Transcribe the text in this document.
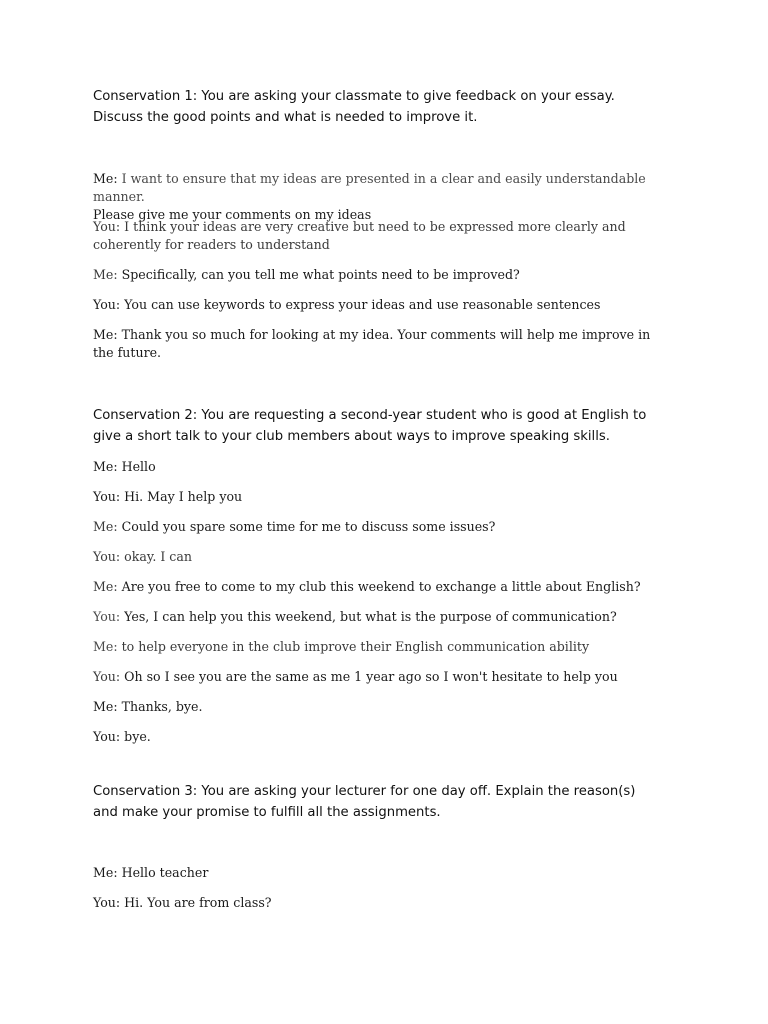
Conservation 1: You are asking your classmate to give feedback on your essay. Discuss the good points and what is needed to improve it.

Me: I want to ensure that my ideas are presented in a clear and easily understandable manner.
Please give me your comments on my ideas

You: I think your ideas are very creative but need to be expressed more clearly and coherently for readers to understand

Me: Specifically, can you tell me what points need to be improved?

You: You can use keywords to express your ideas and use reasonable sentences

Me: Thank you so much for looking at my idea. Your comments will help me improve in the future.

Conservation 2: You are requesting a second-year student who is good at English to give a short talk to your club members about ways to improve speaking skills.

Me: Hello

You: Hi. May I help you

Me: Could you spare some time for me to discuss some issues?

You: okay. I can

Me: Are you free to come to my club this weekend to exchange a little about English?

You: Yes, I can help you this weekend, but what is the purpose of communication?

Me: to help everyone in the club improve their English communication ability

You: Oh so I see you are the same as me 1 year ago so I won't hesitate to help you

Me: Thanks, bye.

You: bye.

Conservation 3: You are asking your lecturer for one day off. Explain the reason(s) and make your promise to fulfill all the assignments.

Me: Hello teacher

You: Hi. You are from class?
